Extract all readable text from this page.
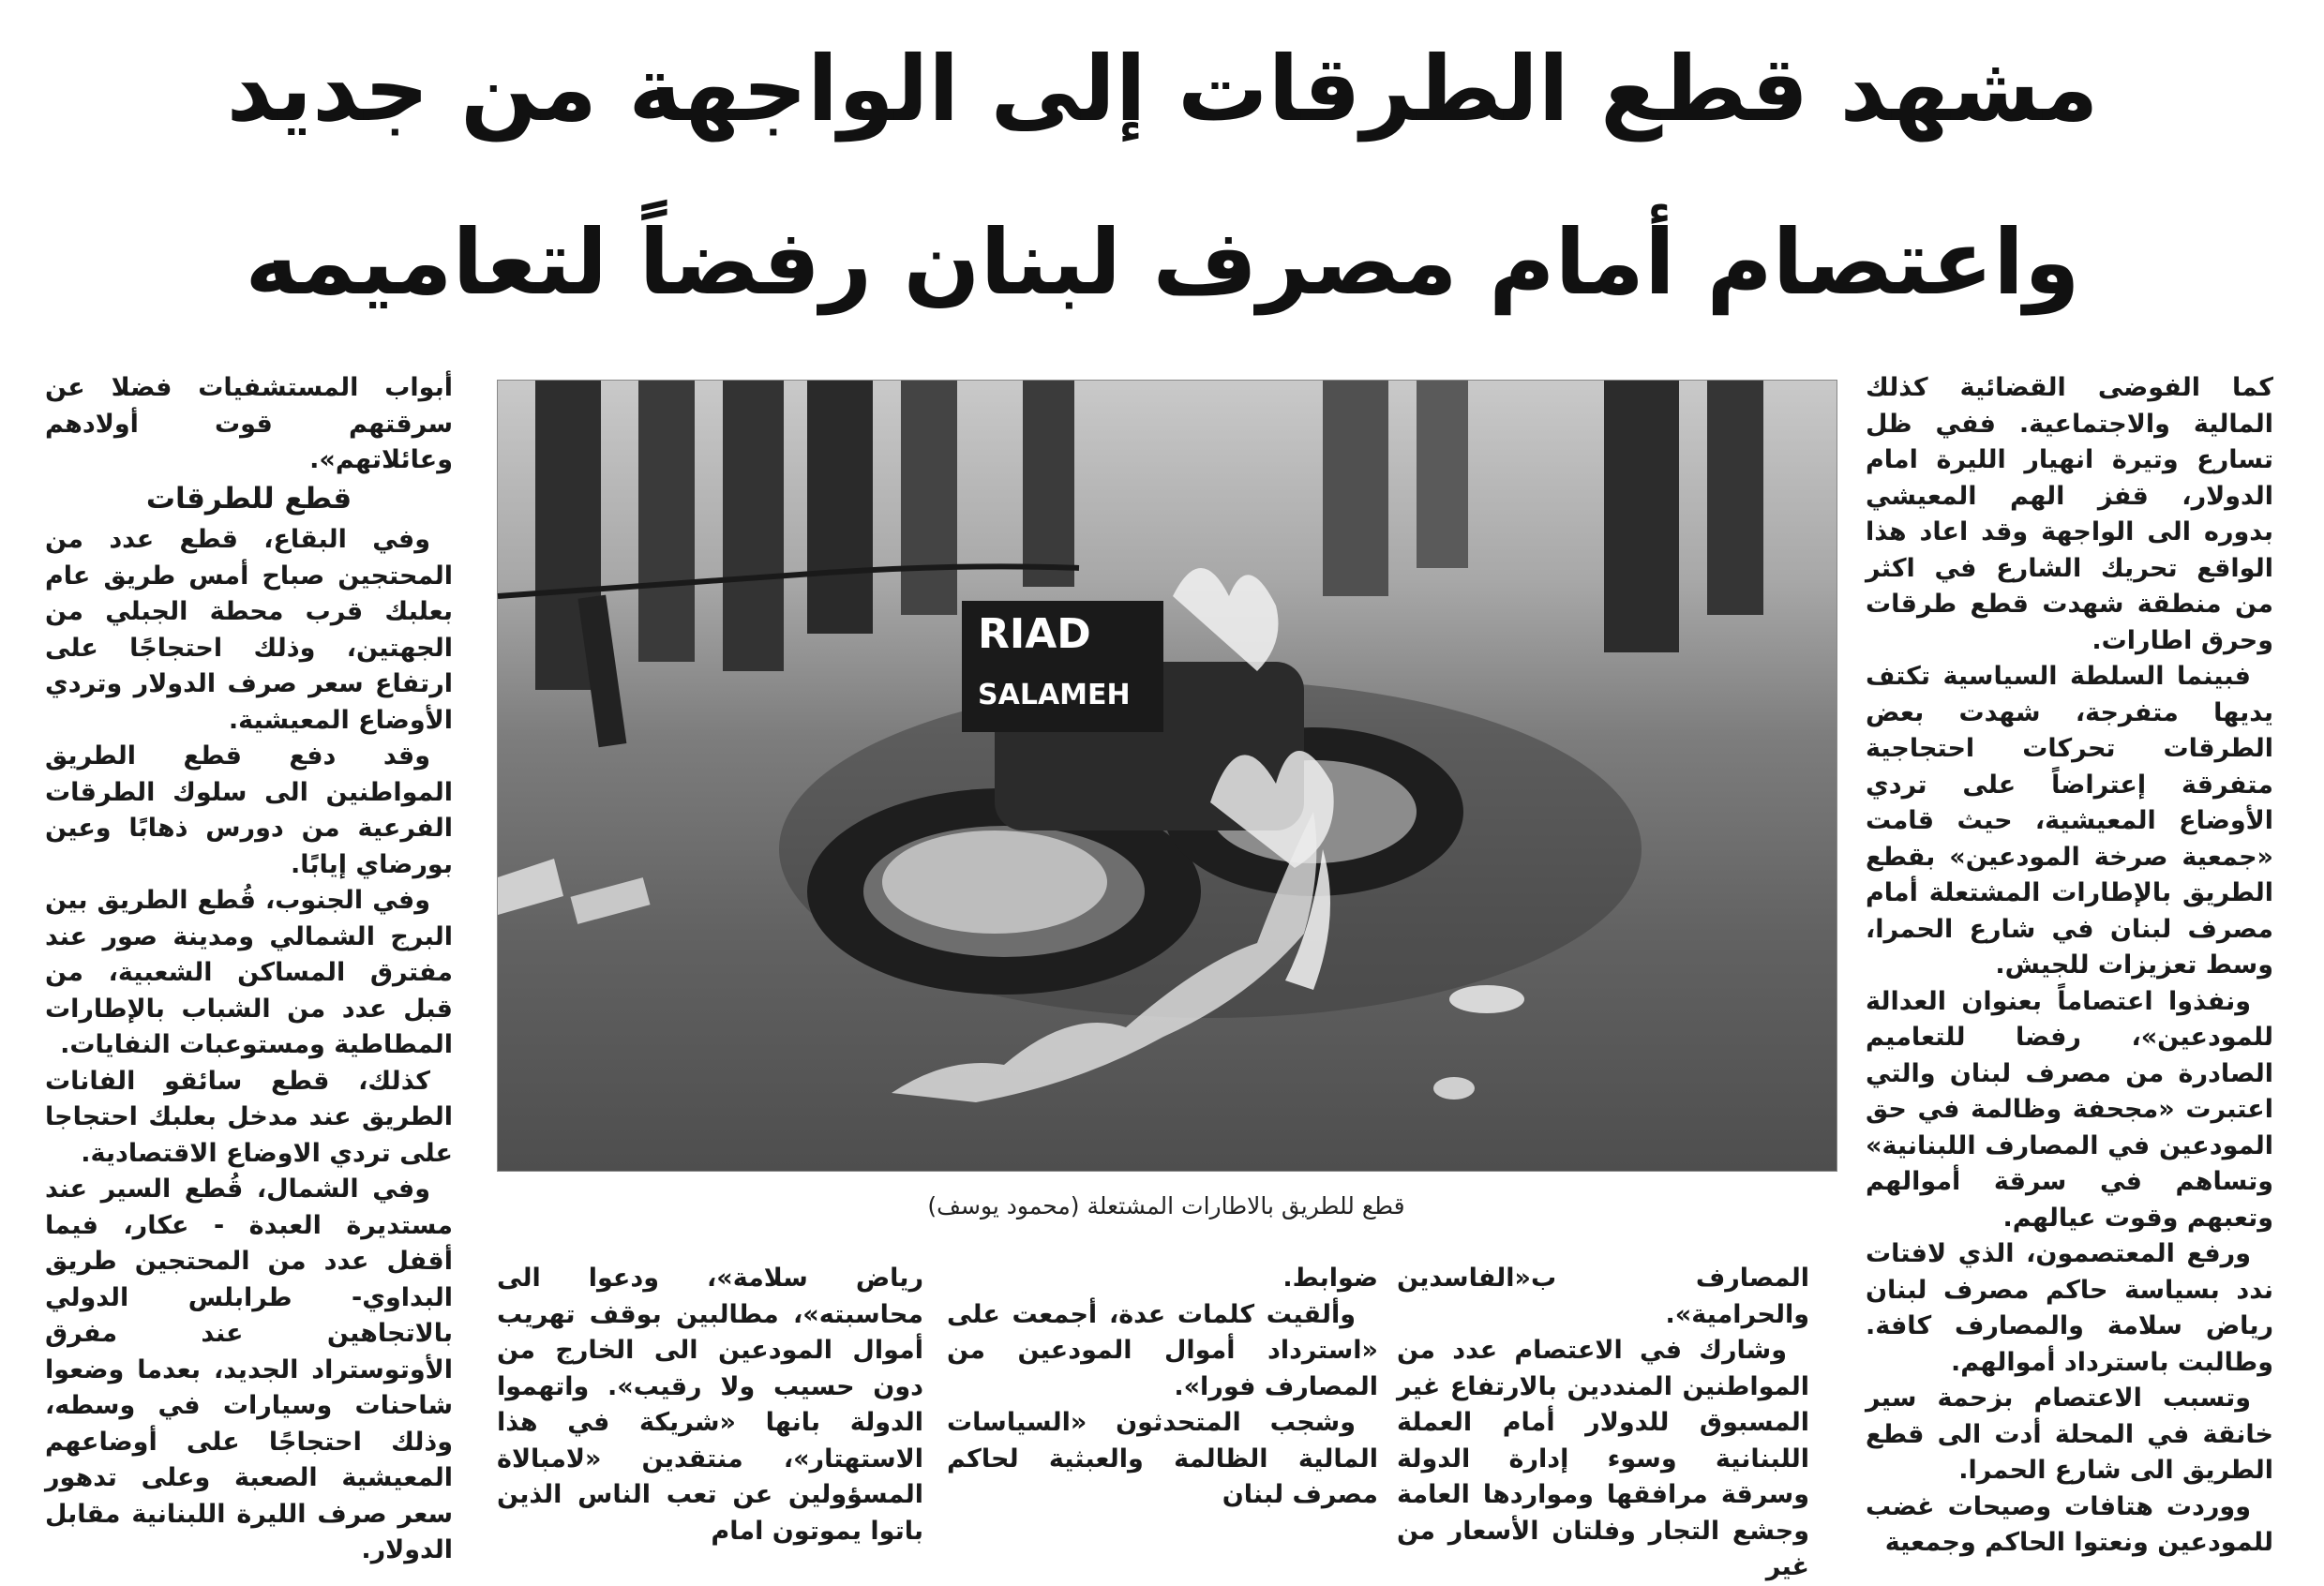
مشهد قطع الطرقات إلى الواجهة من جديد
واعتصام أمام مصرف لبنان رفضاً لتعاميمه

كما الفوضى القضائية كذلك المالية والاجتماعية. ففي ظل تسارع وتيرة انهيار الليرة امام الدولار، قفز الهم المعيشي بدوره الى الواجهة وقد اعاد هذا الواقع تحريك الشارع في اكثر من منطقة شهدت قطع طرقات وحرق اطارات.

فبينما السلطة السياسية تكتف يديها متفرجة، شهدت بعض الطرقات تحركات احتجاجية متفرقة إعتراضاً على تردي الأوضاع المعيشية، حيث قامت «جمعية صرخة المودعين» بقطع الطريق بالإطارات المشتعلة أمام مصرف لبنان في شارع الحمرا، وسط تعزيزات للجيش.

ونفذوا اعتصاماً بعنوان العدالة للمودعين»، رفضا للتعاميم الصادرة من مصرف لبنان والتي اعتبرت «مجحفة وظالمة في حق المودعين في المصارف اللبنانية» وتساهم في سرقة أموالهم وتعبهم وقوت عيالهم.

ورفع المعتصمون، الذي لافتات ندد بسياسة حاكم مصرف لبنان رياض سلامة والمصارف كافة. وطالبت باسترداد أموالهم.

وتسبب الاعتصام بزحمة سير خانقة في المحلة أدت الى قطع الطريق الى شارع الحمرا.

ووردت هتافات وصيحات غضب للمودعين ونعتوا الحاكم وجمعية

RIAD
SALAMEH
قطع للطريق بالاطارات المشتعلة (محمود يوسف)

أبواب المستشفيات فضلا عن سرقتهم قوت أولادهم وعائلاتهم».

قطع للطرقات

وفي البقاع، قطع عدد من المحتجين صباح أمس طريق عام بعلبك قرب محطة الجبلي من الجهتين، وذلك احتجاجًا على ارتفاع سعر صرف الدولار وتردي الأوضاع المعيشية.

وقد دفع قطع الطريق المواطنين الى سلوك الطرقات الفرعية من دورس ذهابًا وعين بورضاي إيابًا.

وفي الجنوب، قُطع الطريق بين البرج الشمالي ومدينة صور عند مفترق المساكن الشعبية، من قبل عدد من الشباب بالإطارات المطاطية ومستوعبات النفايات.

كذلك، قطع سائقو الفانات الطريق عند مدخل بعلبك احتجاجا على تردي الاوضاع الاقتصادية.

وفي الشمال، قُطع السير عند مستديرة العبدة - عكار، فيما أقفل عدد من المحتجين طريق البداوي- طرابلس الدولي بالاتجاهين عند مفرق الأوتوستراد الجديد، بعدما وضعوا شاحنات وسيارات في وسطه، وذلك احتجاجًا على أوضاعهم المعيشية الصعبة وعلى تدهور سعر صرف الليرة اللبنانية مقابل الدولار.

المصارف ب«الفاسدين والحرامية».

وشارك في الاعتصام عدد من المواطنين المنددين بالارتفاع غير المسبوق للدولار أمام العملة اللبنانية وسوء إدارة الدولة وسرقة مرافقها ومواردها العامة وجشع التجار وفلتان الأسعار من غير

ضوابط.

وألقيت كلمات عدة، أجمعت على «استرداد أموال المودعين من المصارف فورا».

وشجب المتحدثون «السياسات المالية الظالمة والعبثية لحاكم مصرف لبنان

رياض سلامة»، ودعوا الى محاسبته»، مطالبين بوقف تهريب أموال المودعين الى الخارج من دون حسيب ولا رقيب». واتهموا الدولة بانها «شريكة في هذا الاستهتار»، منتقدين «لامبالاة المسؤولين عن تعب الناس الذين باتوا يموتون امام
